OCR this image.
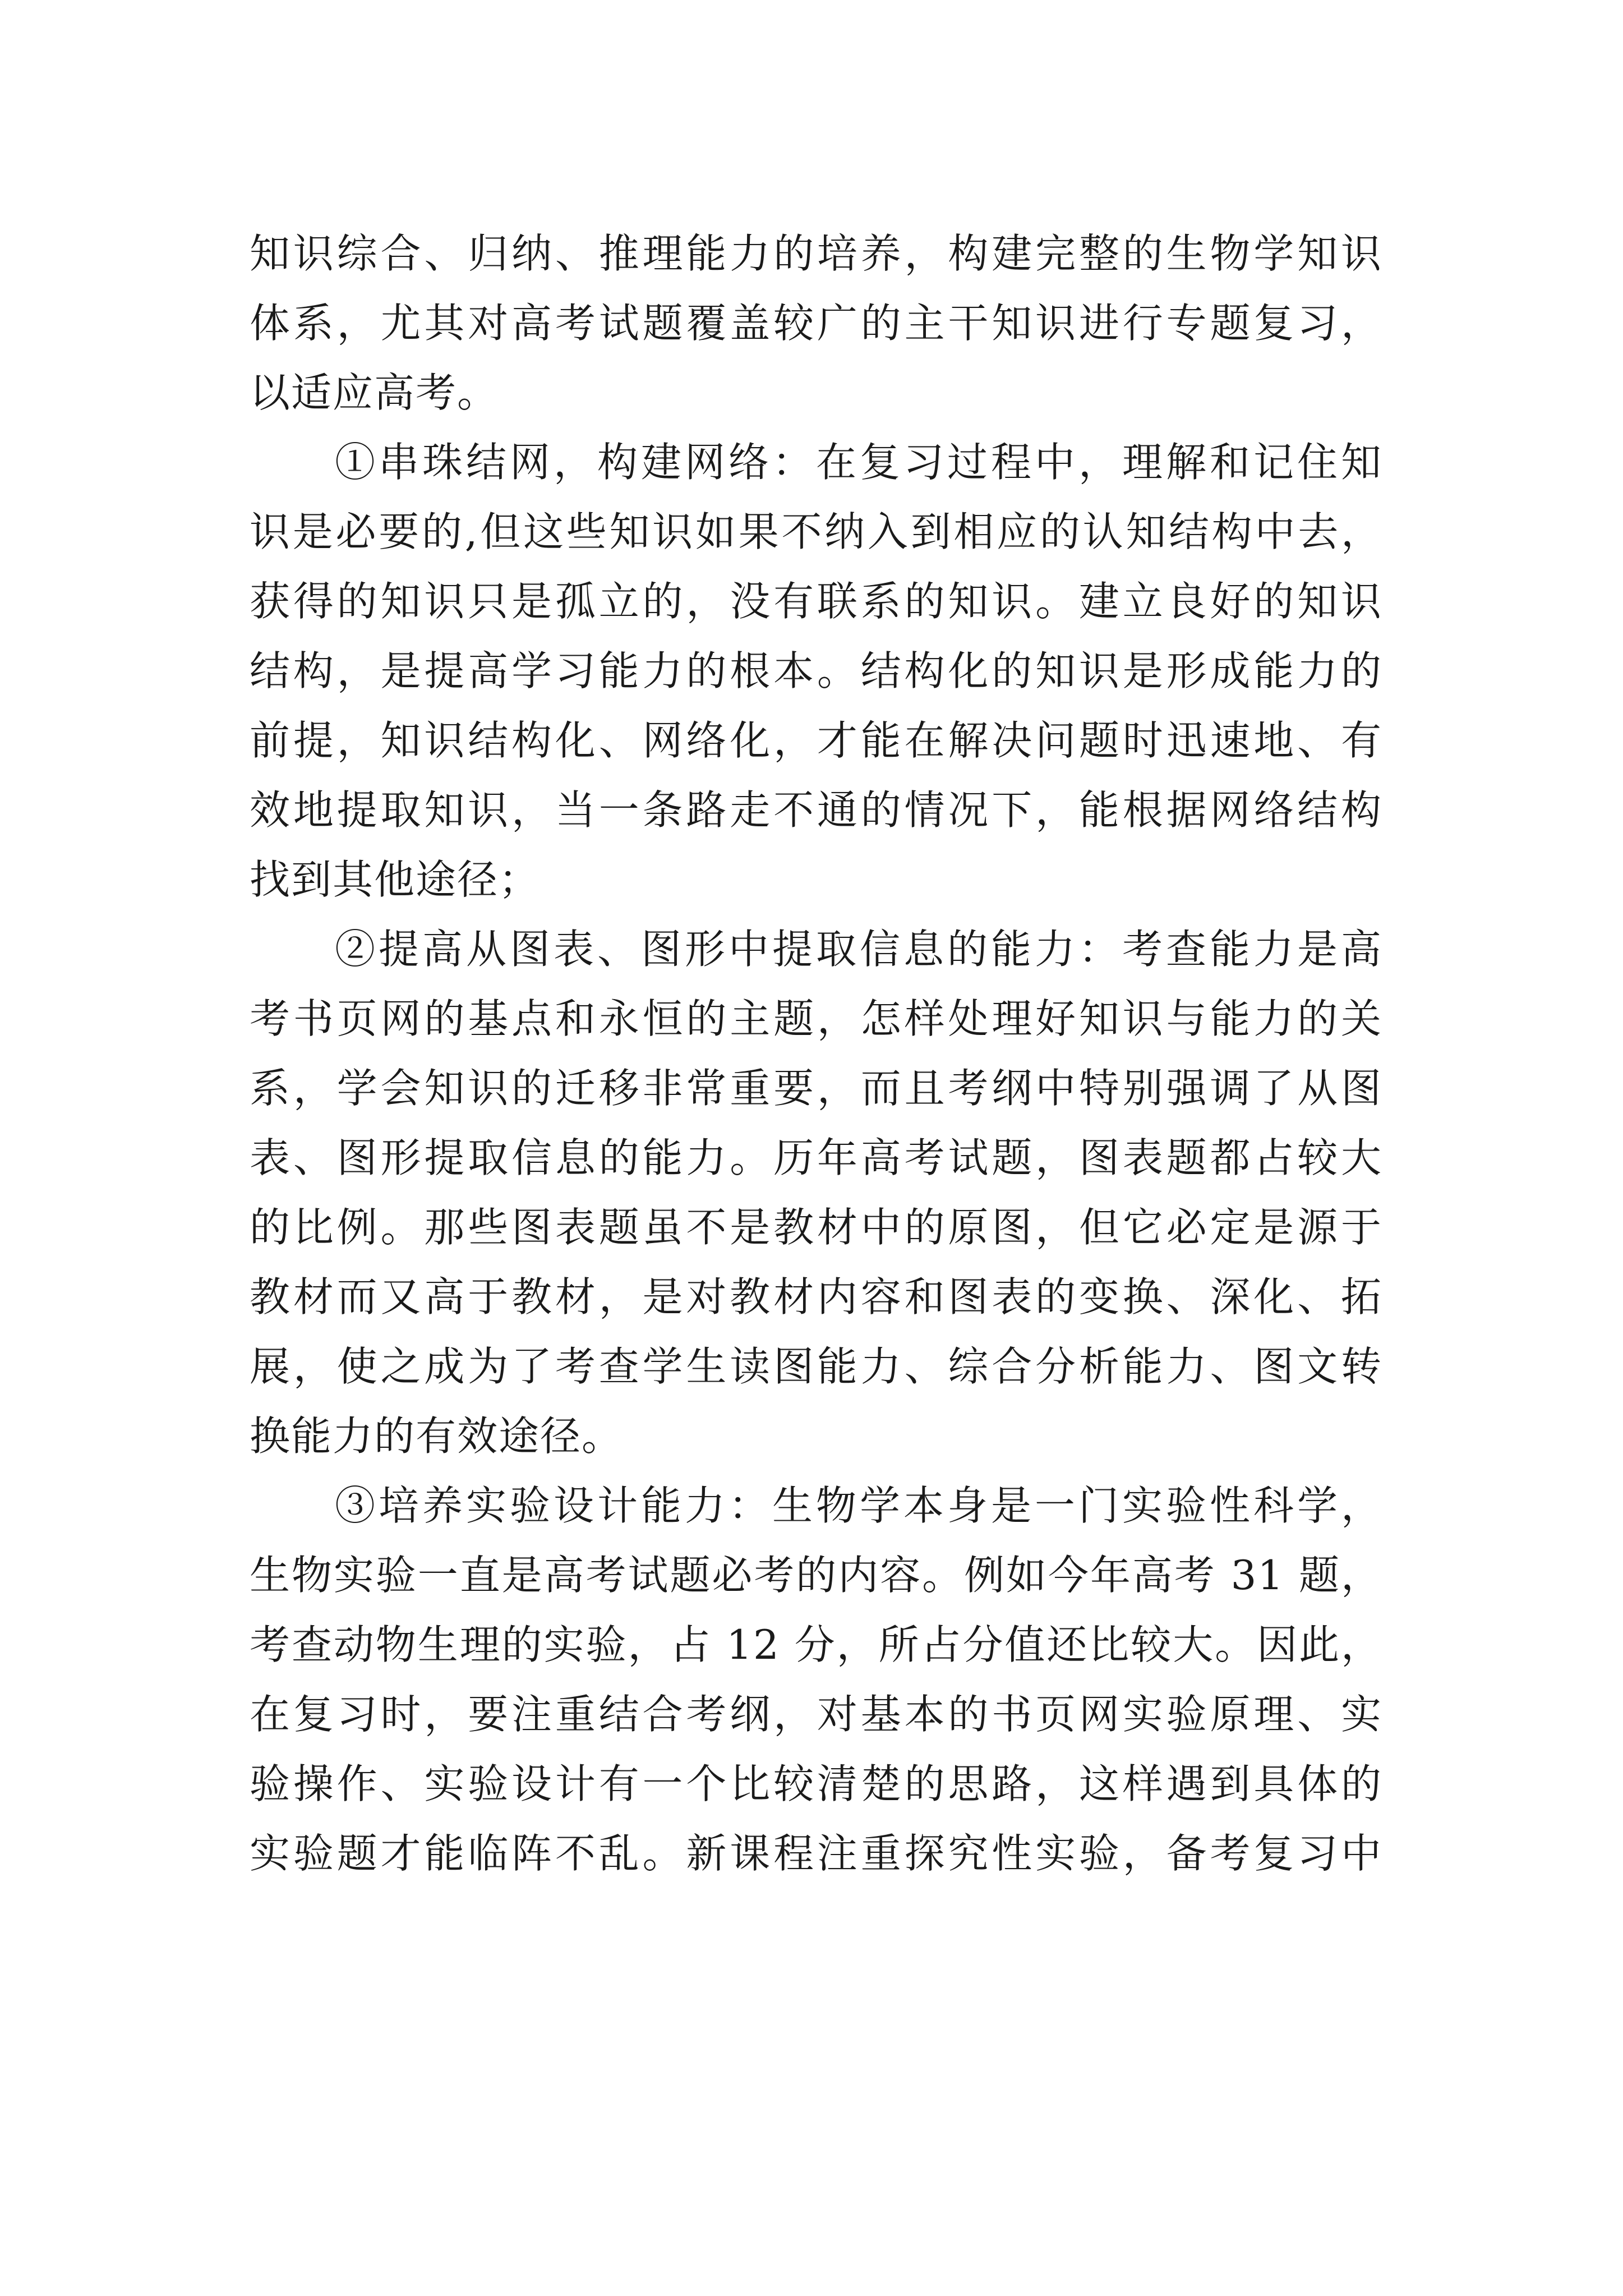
知识综合、归纳、推理能力的培养，构建完整的生物学知识
体系，尤其对高考试题覆盖较广的主干知识进行专题复习，
以适应高考。
①串珠结网，构建网络：在复习过程中，理解和记住知
识是必要的,但这些知识如果不纳入到相应的认知结构中去，
获得的知识只是孤立的，没有联系的知识。建立良好的知识
结构，是提高学习能力的根本。结构化的知识是形成能力的
前提，知识结构化、网络化，才能在解决问题时迅速地、有
效地提取知识，当一条路走不通的情况下，能根据网络结构
找到其他途径；
②提高从图表、图形中提取信息的能力：考查能力是高
考书页网的基点和永恒的主题，怎样处理好知识与能力的关
系，学会知识的迁移非常重要，而且考纲中特别强调了从图
表、图形提取信息的能力。历年高考试题，图表题都占较大
的比例。那些图表题虽不是教材中的原图，但它必定是源于
教材而又高于教材，是对教材内容和图表的变换、深化、拓
展，使之成为了考查学生读图能力、综合分析能力、图文转
换能力的有效途径。
③培养实验设计能力：生物学本身是一门实验性科学，
生物实验一直是高考试题必考的内容。例如今年高考 31 题，
考查动物生理的实验，占 12 分，所占分值还比较大。因此，
在复习时，要注重结合考纲，对基本的书页网实验原理、实
验操作、实验设计有一个比较清楚的思路，这样遇到具体的
实验题才能临阵不乱。新课程注重探究性实验，备考复习中
